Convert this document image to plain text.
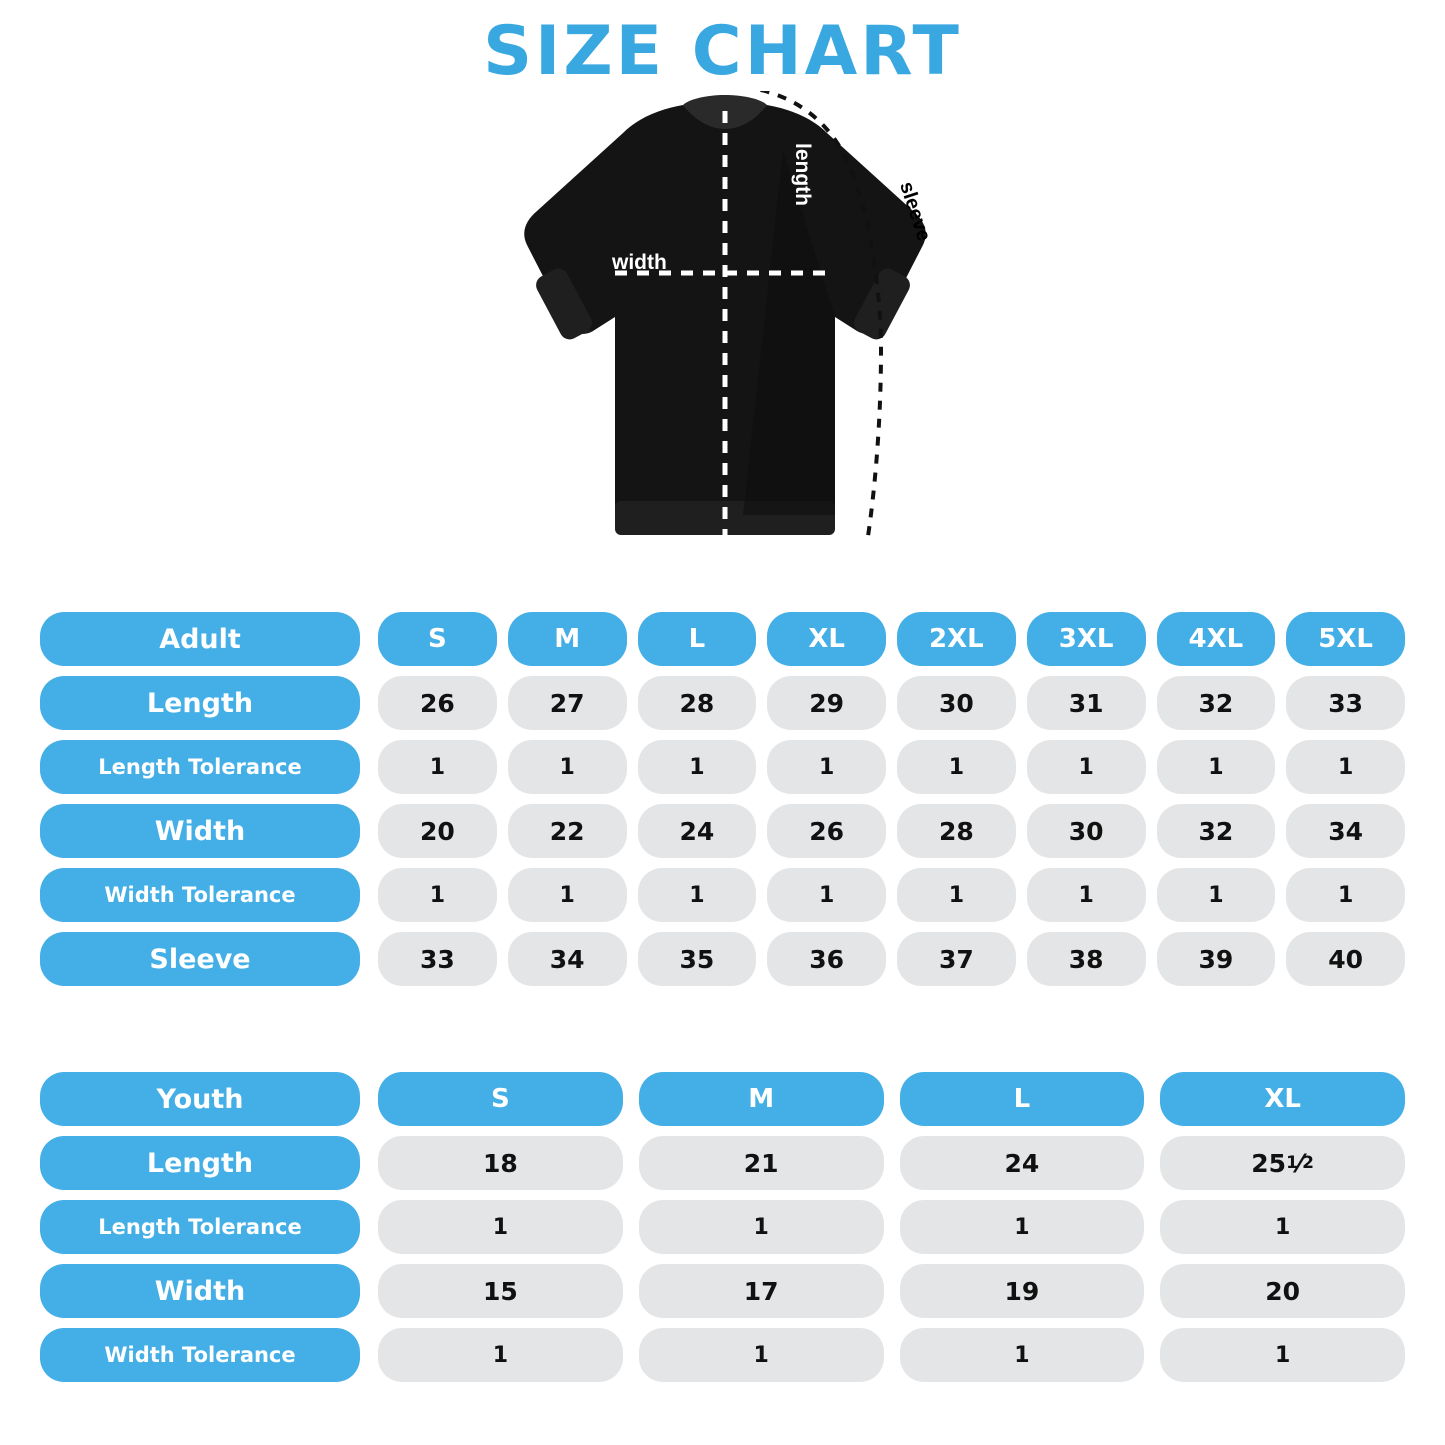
SIZE CHART
width
length
sleeve
Adult	S	M	L	XL	2XL	3XL	4XL	5XL
Length	26	27	28	29	30	31	32	33
Length Tolerance	1	1	1	1	1	1	1	1
Width	20	22	24	26	28	30	32	34
Width Tolerance	1	1	1	1	1	1	1	1
Sleeve	33	34	35	36	37	38	39	40
Youth	S	M	L	XL
Length	18	21	24	25 1 ⁄ 2
Length Tolerance	1	1	1	1
Width	15	17	19	20
Width Tolerance	1	1	1	1
